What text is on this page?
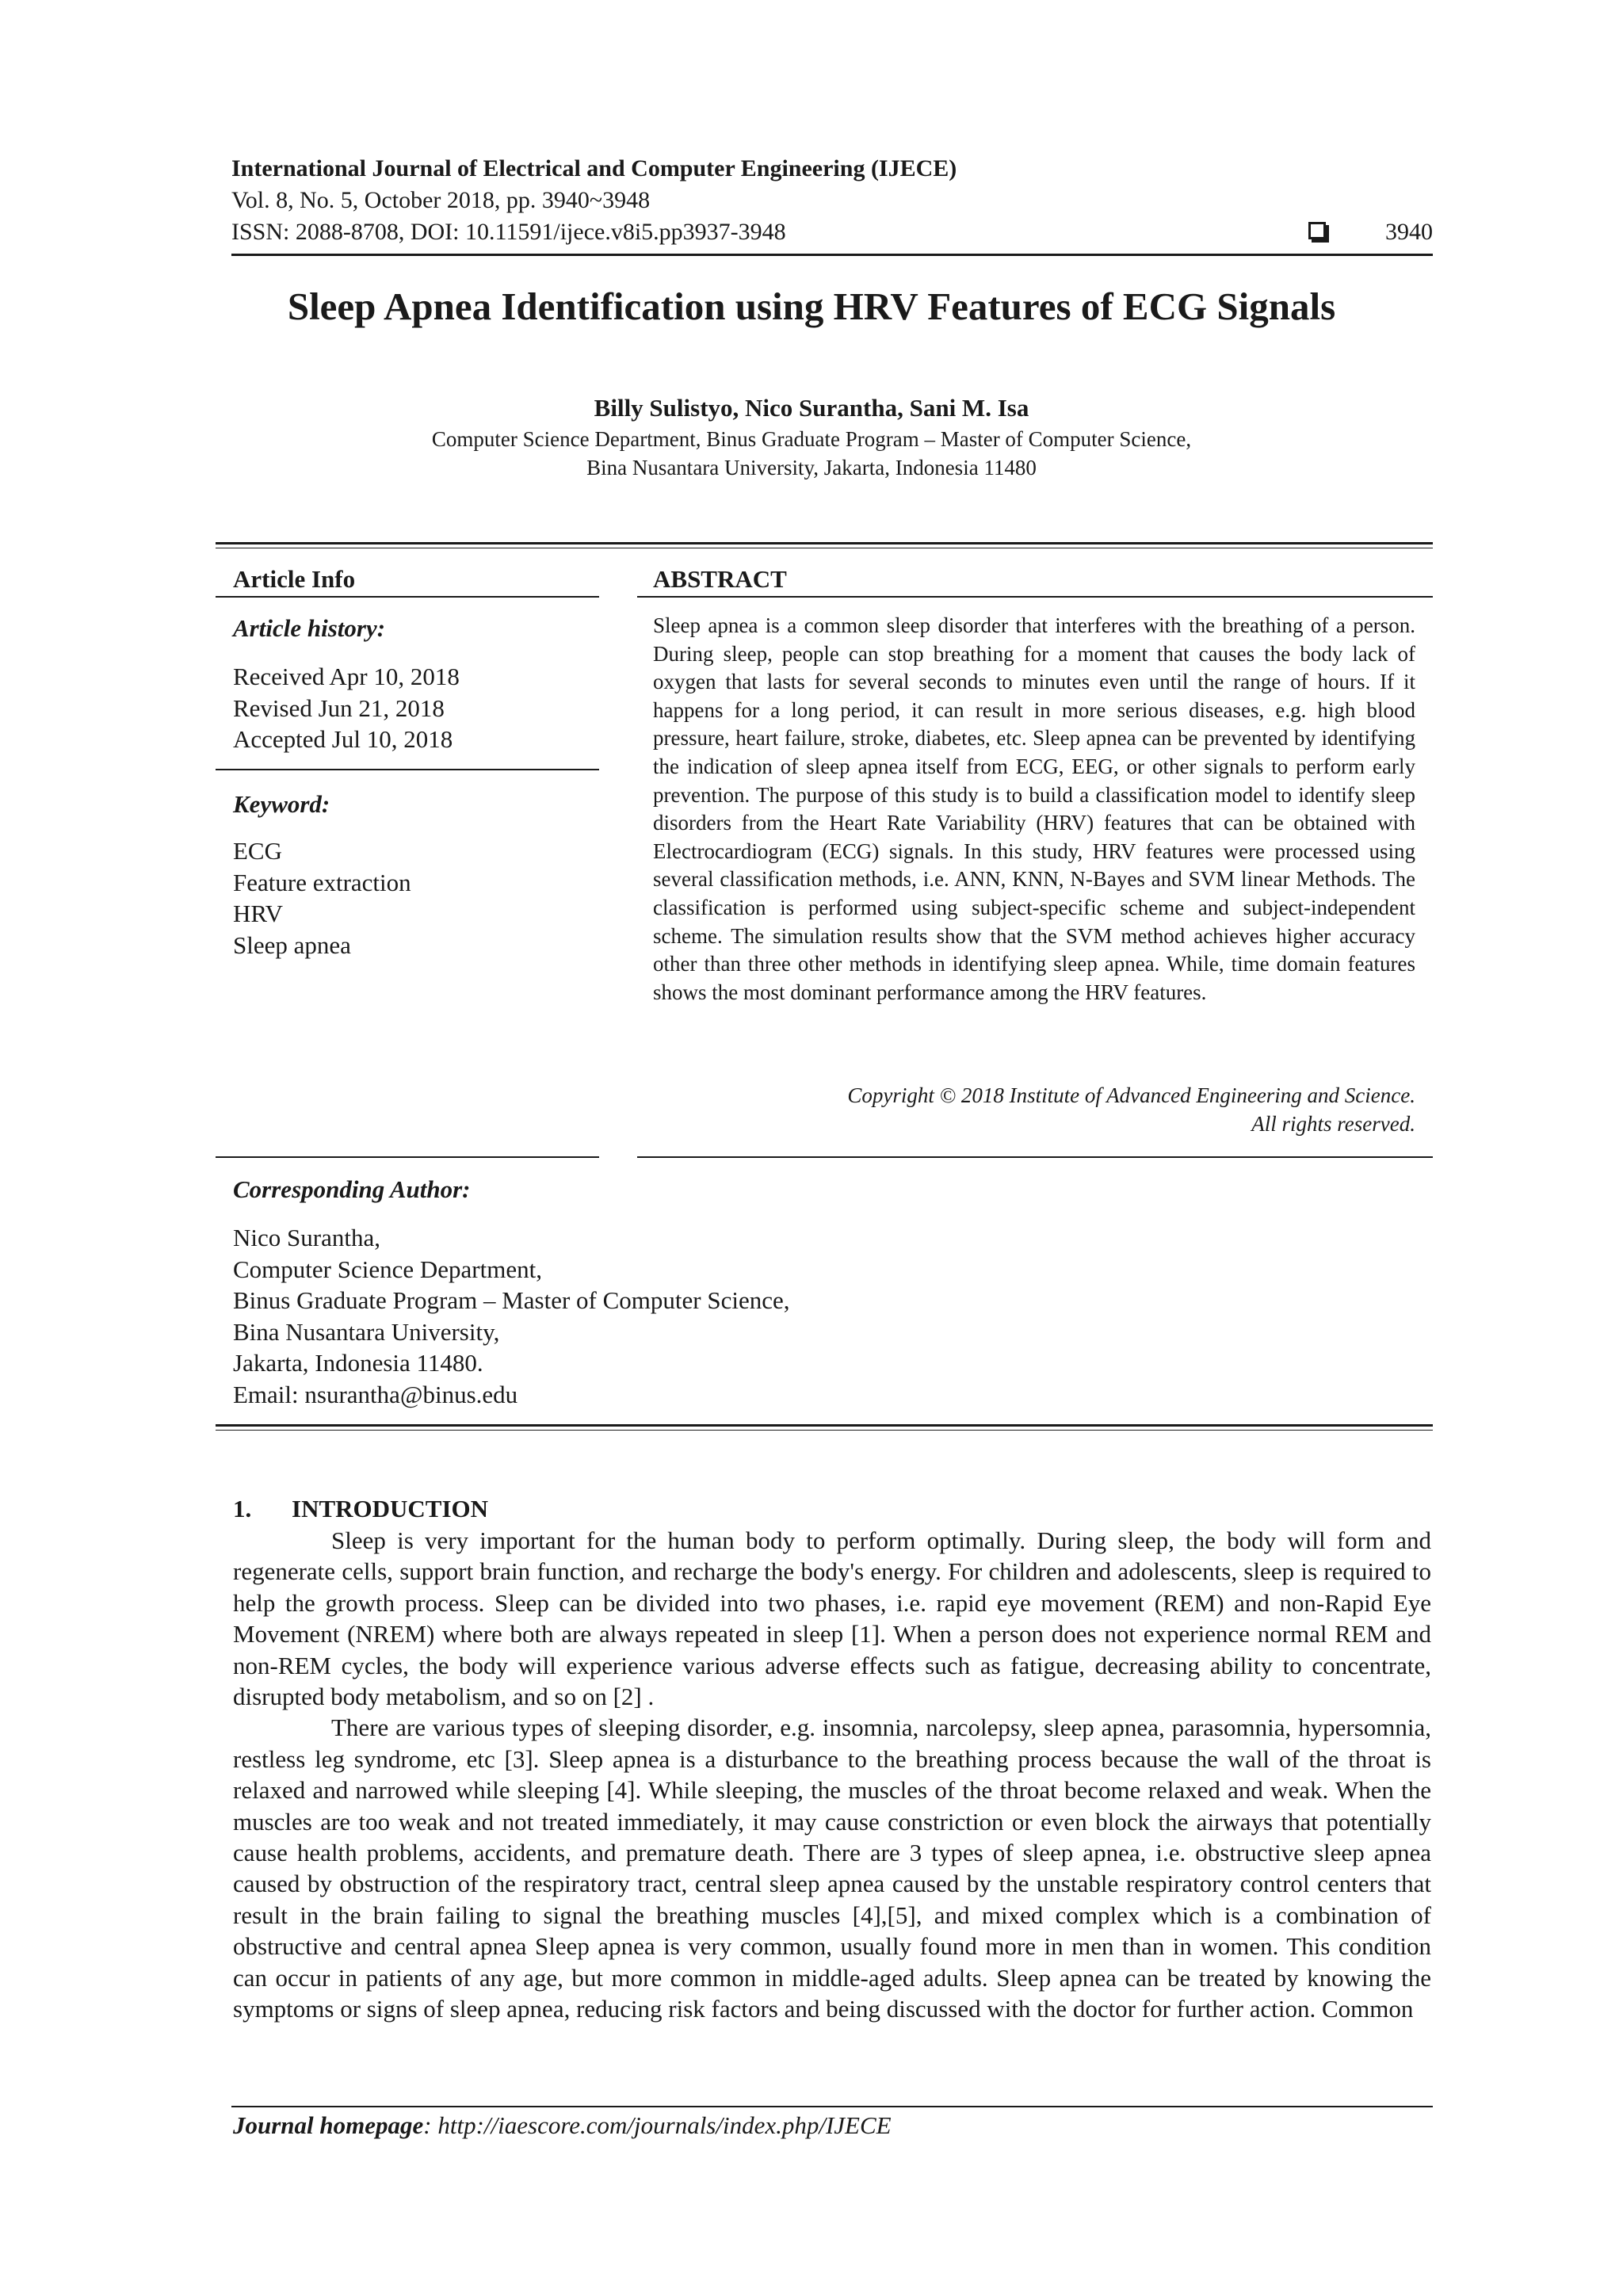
International Journal of Electrical and Computer Engineering (IJECE)
Vol. 8, No. 5, October 2018, pp. 3940~3948
ISSN: 2088-8708, DOI: 10.11591/ijece.v8i5.pp3937-3948	3940
Sleep Apnea Identification using HRV Features of ECG Signals
Billy Sulistyo, Nico Surantha, Sani M. Isa
Computer Science Department, Binus Graduate Program – Master of Computer Science,
Bina Nusantara University, Jakarta, Indonesia 11480
Article Info
Article history:
Received Apr 10, 2018
Revised Jun 21, 2018
Accepted Jul 10, 2018
Keyword:
ECG
Feature extraction
HRV
Sleep apnea
ABSTRACT
Sleep apnea is a common sleep disorder that interferes with the breathing of a person. During sleep, people can stop breathing for a moment that causes the body lack of oxygen that lasts for several seconds to minutes even until the range of hours. If it happens for a long period, it can result in more serious diseases, e.g. high blood pressure, heart failure, stroke, diabetes, etc. Sleep apnea can be prevented by identifying the indication of sleep apnea itself from ECG, EEG, or other signals to perform early prevention. The purpose of this study is to build a classification model to identify sleep disorders from the Heart Rate Variability (HRV) features that can be obtained with Electrocardiogram (ECG) signals. In this study, HRV features were processed using several classification methods, i.e. ANN, KNN, N-Bayes and SVM linear Methods. The classification is performed using subject-specific scheme and subject-independent scheme. The simulation results show that the SVM method achieves higher accuracy other than three other methods in identifying sleep apnea. While, time domain features shows the most dominant performance among the HRV features.
Copyright © 2018 Institute of Advanced Engineering and Science.
All rights reserved.
Corresponding Author:
Nico Surantha,
Computer Science Department,
Binus Graduate Program – Master of Computer Science,
Bina Nusantara University,
Jakarta, Indonesia 11480.
Email: nsurantha@binus.edu
1. INTRODUCTION

Sleep is very important for the human body to perform optimally. During sleep, the body will form and regenerate cells, support brain function, and recharge the body's energy. For children and adolescents, sleep is required to help the growth process. Sleep can be divided into two phases, i.e. rapid eye movement (REM) and non-Rapid Eye Movement (NREM) where both are always repeated in sleep [1]. When a person does not experience normal REM and non-REM cycles, the body will experience various adverse effects such as fatigue, decreasing ability to concentrate, disrupted body metabolism, and so on [2] .

There are various types of sleeping disorder, e.g. insomnia, narcolepsy, sleep apnea, parasomnia, hypersomnia, restless leg syndrome, etc [3]. Sleep apnea is a disturbance to the breathing process because the wall of the throat is relaxed and narrowed while sleeping [4]. While sleeping, the muscles of the throat become relaxed and weak. When the muscles are too weak and not treated immediately, it may cause constriction or even block the airways that potentially cause health problems, accidents, and premature death. There are 3 types of sleep apnea, i.e. obstructive sleep apnea caused by obstruction of the respiratory tract, central sleep apnea caused by the unstable respiratory control centers that result in the brain failing to signal the breathing muscles [4],[5], and mixed complex which is a combination of obstructive and central apnea Sleep apnea is very common, usually found more in men than in women. This condition can occur in patients of any age, but more common in middle-aged adults. Sleep apnea can be treated by knowing the symptoms or signs of sleep apnea, reducing risk factors and being discussed with the doctor for further action. Common

Journal homepage: http://iaescore.com/journals/index.php/IJECE
